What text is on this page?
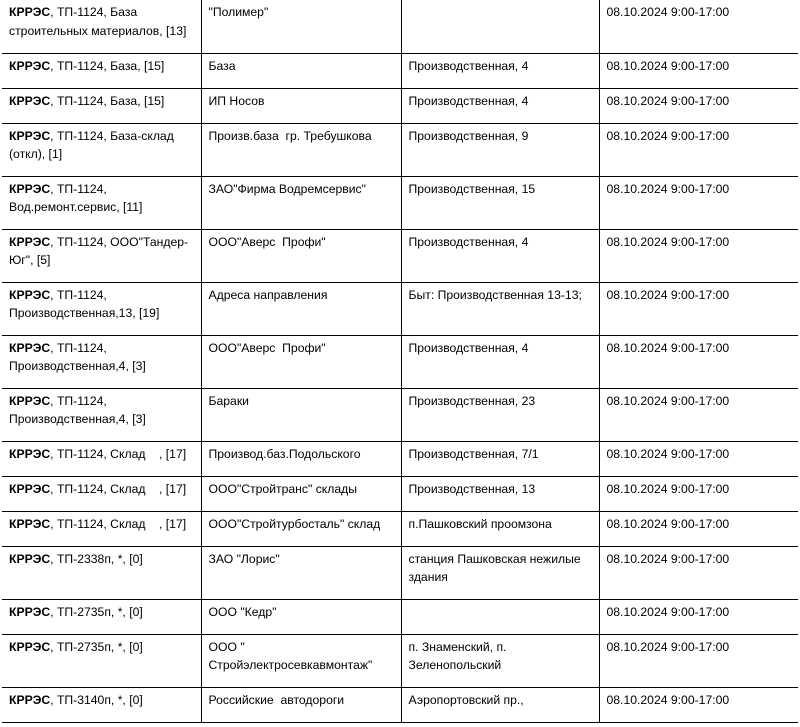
КРРЭС, ТП-1124, База строительных материалов, [13]	"Полимер"		08.10.2024 9:00-17:00
КРРЭС, ТП-1124, База, [15]	База	Производственная, 4	08.10.2024 9:00-17:00
КРРЭС, ТП-1124, База, [15]	ИП Носов	Производственная, 4	08.10.2024 9:00-17:00
КРРЭС, ТП-1124, База-склад (откл), [1]	Произв.база  гр. Требушкова	Производственная, 9	08.10.2024 9:00-17:00
КРРЭС, ТП-1124, Вод.ремонт.сервис, [11]	ЗАО"Фирма Водремсервис"	Производственная, 15	08.10.2024 9:00-17:00
КРРЭС, ТП-1124, ООО"Тандер-Юг", [5]	ООО"Аверс  Профи"	Производственная, 4	08.10.2024 9:00-17:00
КРРЭС, ТП-1124, Производственная,13, [19]	Адреса направления	Быт: Производственная 13-13;	08.10.2024 9:00-17:00
КРРЭС, ТП-1124, Производственная,4, [3]	ООО"Аверс  Профи"	Производственная, 4	08.10.2024 9:00-17:00
КРРЭС, ТП-1124, Производственная,4, [3]	Бараки	Производственная, 23	08.10.2024 9:00-17:00
КРРЭС, ТП-1124, Склад    , [17]	Производ.баз.Подольского	Производственная, 7/1	08.10.2024 9:00-17:00
КРРЭС, ТП-1124, Склад    , [17]	ООО"Стройтранс" склады	Производственная, 13	08.10.2024 9:00-17:00
КРРЭС, ТП-1124, Склад    , [17]	ООО"Стройтурбосталь" склад	п.Пашковский проомзона	08.10.2024 9:00-17:00
КРРЭС, ТП-2338п, *, [0]	ЗАО "Лорис"	станция Пашковская нежилые здания	08.10.2024 9:00-17:00
КРРЭС, ТП-2735п, *, [0]	ООО "Кедр"		08.10.2024 9:00-17:00
КРРЭС, ТП-2735п, *, [0]	ООО " Стройэлектросевкавмонтаж"	п. Знаменский, п. Зеленопольский	08.10.2024 9:00-17:00
КРРЭС, ТП-3140п, *, [0]	Российские  автодороги	Аэропортовский пр.,	08.10.2024 9:00-17:00
